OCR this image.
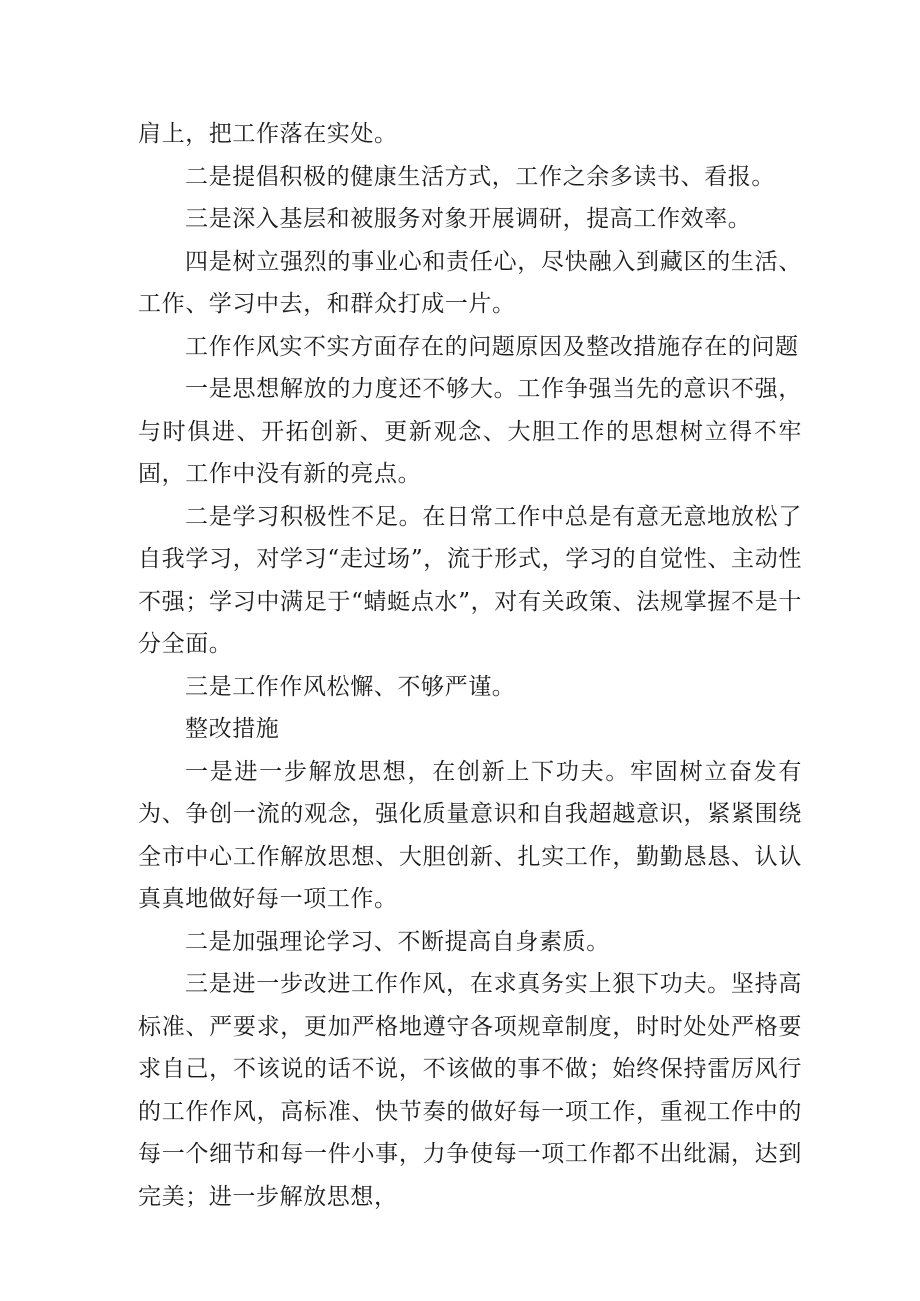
肩上，把工作落在实处。

二是提倡积极的健康生活方式，工作之余多读书、看报。

三是深入基层和被服务对象开展调研，提高工作效率。

四是树立强烈的事业心和责任心，尽快融入到藏区的生活、工作、学习中去，和群众打成一片。

工作作风实不实方面存在的问题原因及整改措施存在的问题

一是思想解放的力度还不够大。工作争强当先的意识不强，与时俱进、开拓创新、更新观念、大胆工作的思想树立得不牢固，工作中没有新的亮点。

二是学习积极性不足。在日常工作中总是有意无意地放松了自我学习，对学习“走过场”，流于形式，学习的自觉性、主动性不强；学习中满足于“蜻蜓点水”，对有关政策、法规掌握不是十分全面。

三是工作作风松懈、不够严谨。

整改措施

一是进一步解放思想，在创新上下功夫。牢固树立奋发有为、争创一流的观念，强化质量意识和自我超越意识，紧紧围绕全市中心工作解放思想、大胆创新、扎实工作，勤勤恳恳、认认真真地做好每一项工作。

二是加强理论学习、不断提高自身素质。

三是进一步改进工作作风，在求真务实上狠下功夫。坚持高标准、严要求，更加严格地遵守各项规章制度，时时处处严格要求自己，不该说的话不说，不该做的事不做；始终保持雷厉风行的工作作风，高标准、快节奏的做好每一项工作，重视工作中的每一个细节和每一件小事，力争使每一项工作都不出纰漏，达到完美；进一步解放思想，
